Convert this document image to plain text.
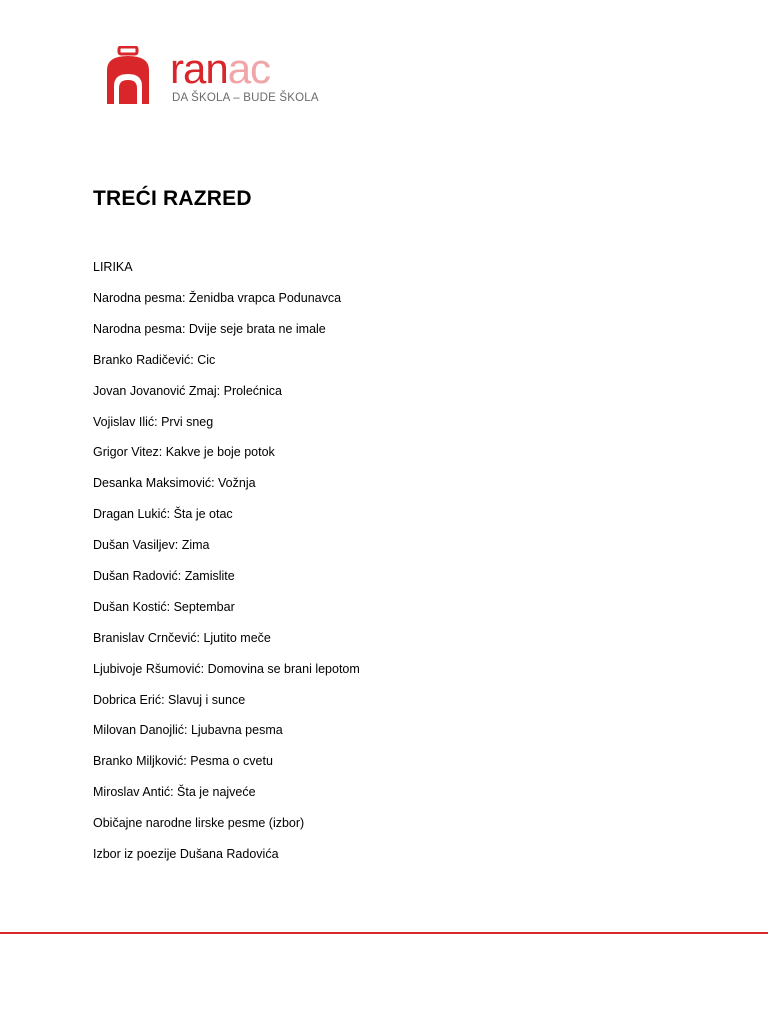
ranac
DA ŠKOLA – BUDE ŠKOLA
TREĆI RAZRED
LIRIKA
Narodna pesma: Ženidba vrapca Podunavca
Narodna pesma: Dvije seje brata ne imale
Branko Radičević: Cic
Jovan Jovanović Zmaj: Prolećnica
Vojislav Ilić: Prvi sneg
Grigor Vitez: Kakve je boje potok
Desanka Maksimović: Vožnja
Dragan Lukić: Šta je otac
Dušan Vasiljev: Zima
Dušan Radović: Zamislite
Dušan Kostić: Septembar
Branislav Crnčević: Ljutito meče
Ljubivoje Ršumović: Domovina se brani lepotom
Dobrica Erić: Slavuj i sunce
Milovan Danojlić: Ljubavna pesma
Branko Miljković: Pesma o cvetu
Miroslav Antić: Šta je najveće
Običajne narodne lirske pesme (izbor)
Izbor iz poezije Dušana Radovića
